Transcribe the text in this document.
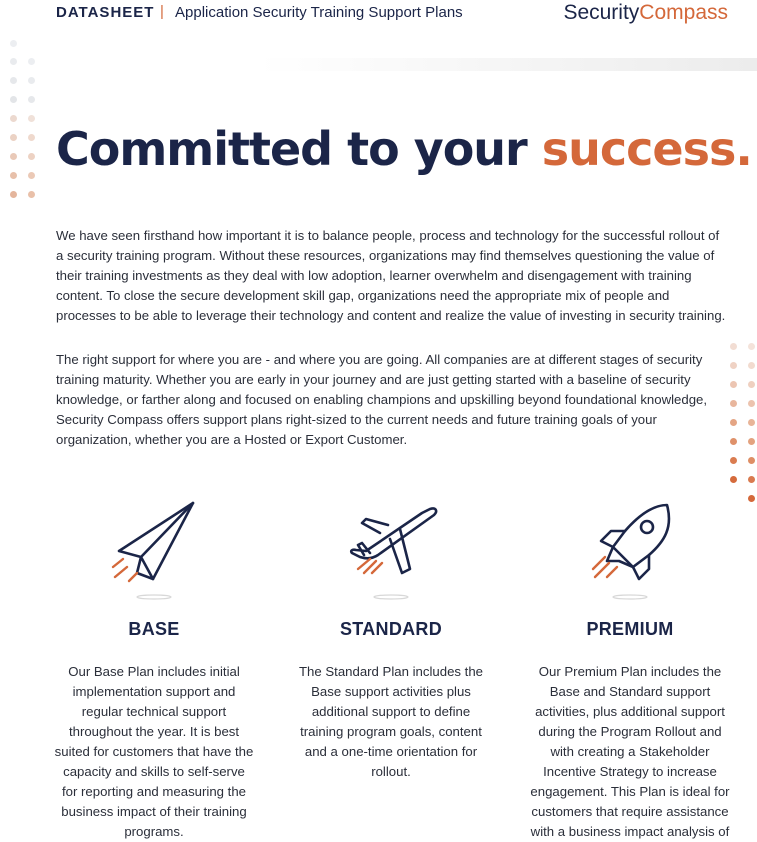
DATASHEET | Application Security Training Support Plans	SecurityCompass
Committed to your success.

We have seen firsthand how important it is to balance people, process and technology for the successful rollout of a security training program. Without these resources, organizations may find themselves questioning the value of their training investments as they deal with low adoption, learner overwhelm and disengagement with training content. To close the secure development skill gap, organizations need the appropriate mix of people and processes to be able to leverage their technology and content and realize the value of investing in security training.

The right support for where you are - and where you are going. All companies are at different stages of security training maturity. Whether you are early in your journey and are just getting started with a baseline of security knowledge, or farther along and focused on enabling champions and upskilling beyond foundational knowledge, Security Compass offers support plans right-sized to the current needs and future training goals of your organization, whether you are a Hosted or Export Customer.

BASE
Our Base Plan includes initial implementation support and regular technical support throughout the year. It is best suited for customers that have the capacity and skills to self-serve for reporting and measuring the business impact of their training programs.
STANDARD
The Standard Plan includes the Base support activities plus additional support to define training program goals, content and a one-time orientation for rollout.
PREMIUM
Our Premium Plan includes the Base and Standard support activities, plus additional support during the Program Rollout and with creating a Stakeholder Incentive Strategy to increase engagement. This Plan is ideal for customers that require assistance with a business impact analysis of
